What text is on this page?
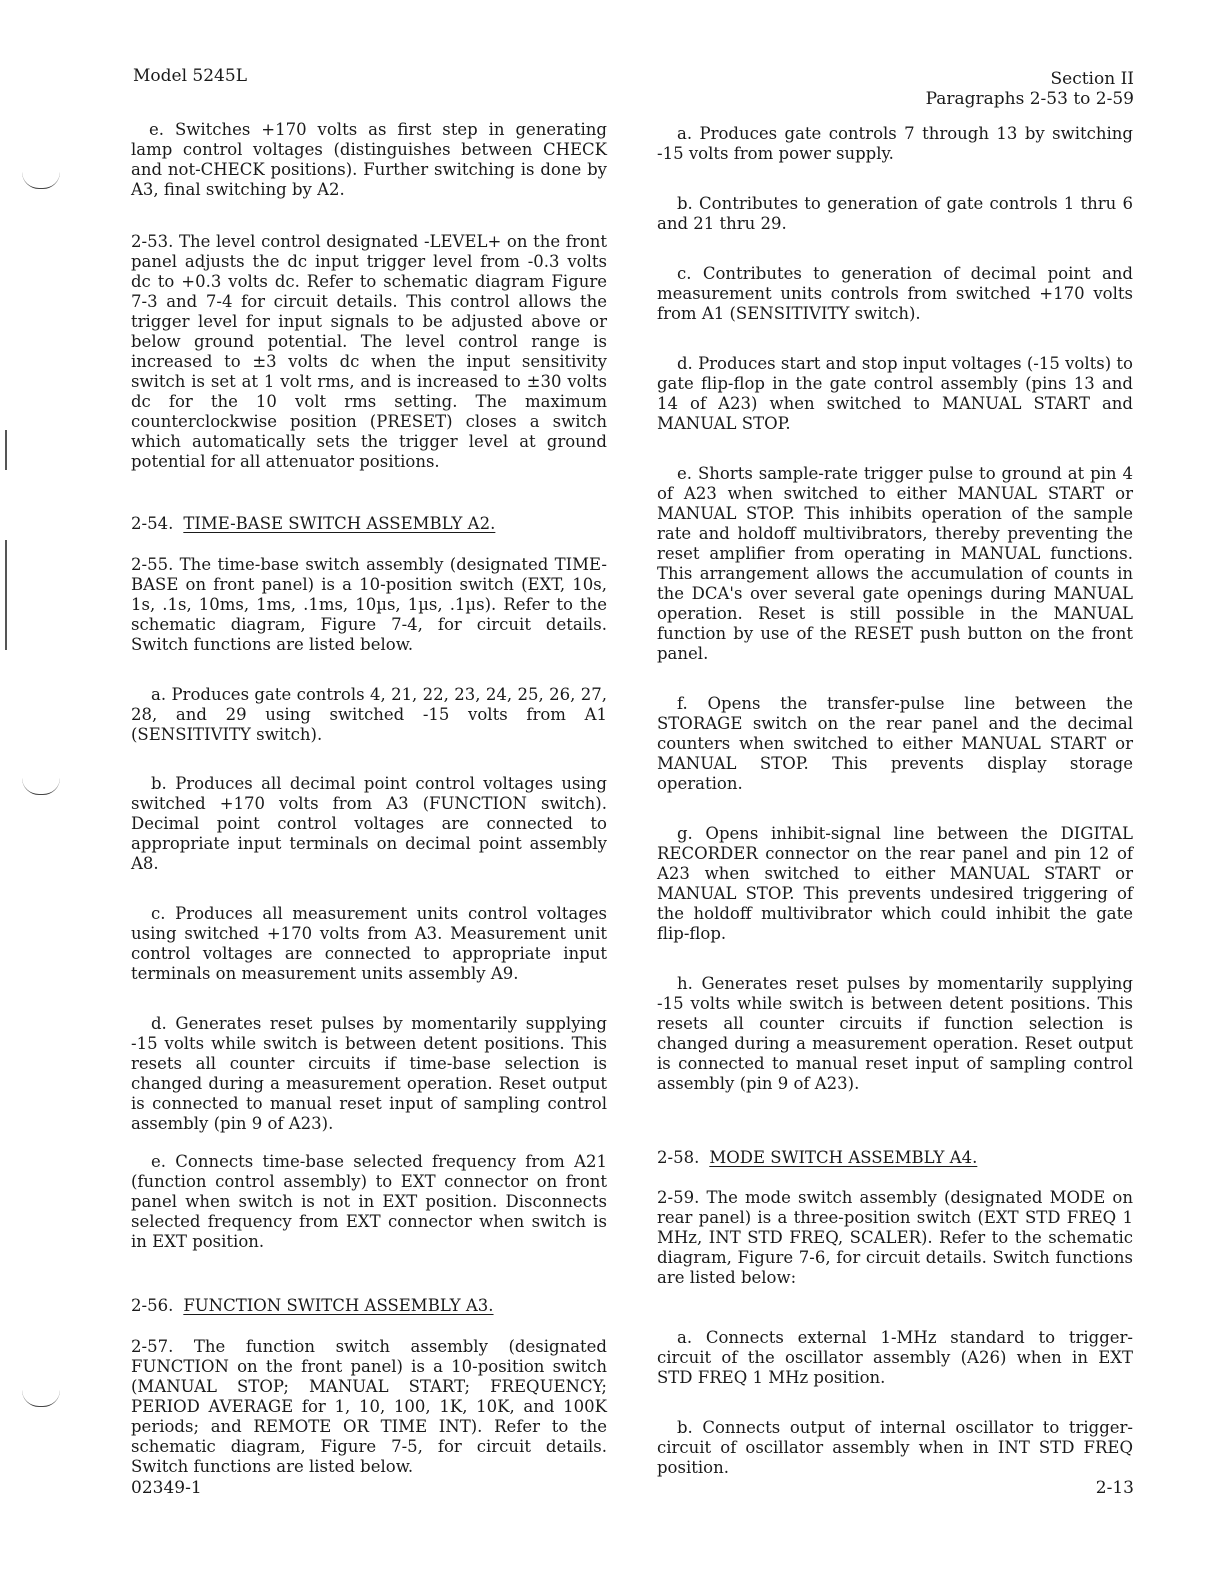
Model 5245L	Section II
Paragraphs 2-53 to 2-59

e. Switches +170 volts as first step in generating lamp control voltages (distinguishes between CHECK and not-CHECK positions). Further switching is done by A3, final switching by A2.

2-53. The level control designated -LEVEL+ on the front panel adjusts the dc input trigger level from -0.3 volts dc to +0.3 volts dc. Refer to schematic diagram Figure 7-3 and 7-4 for circuit details. This control allows the trigger level for input signals to be adjusted above or below ground potential. The level control range is increased to ±3 volts dc when the input sensitivity switch is set at 1 volt rms, and is increased to ±30 volts dc for the 10 volt rms setting. The maximum counterclockwise position (PRESET) closes a switch which automatically sets the trigger level at ground potential for all attenuator positions.

2-54. TIME-BASE SWITCH ASSEMBLY A2.

2-55. The time-base switch assembly (designated TIME-BASE on front panel) is a 10-position switch (EXT, 10s, 1s, .1s, 10ms, 1ms, .1ms, 10µs, 1µs, .1µs). Refer to the schematic diagram, Figure 7-4, for circuit details. Switch functions are listed below.

a. Produces gate controls 4, 21, 22, 23, 24, 25, 26, 27, 28, and 29 using switched -15 volts from A1 (SENSITIVITY switch).

b. Produces all decimal point control voltages using switched +170 volts from A3 (FUNCTION switch). Decimal point control voltages are connected to appropriate input terminals on decimal point assembly A8.

c. Produces all measurement units control voltages using switched +170 volts from A3. Measurement unit control voltages are connected to appropriate input terminals on measurement units assembly A9.

d. Generates reset pulses by momentarily supplying -15 volts while switch is between detent positions. This resets all counter circuits if time-base selection is changed during a measurement operation. Reset output is connected to manual reset input of sampling control assembly (pin 9 of A23).

e. Connects time-base selected frequency from A21 (function control assembly) to EXT connector on front panel when switch is not in EXT position. Disconnects selected frequency from EXT connector when switch is in EXT position.

2-56. FUNCTION SWITCH ASSEMBLY A3.

2-57. The function switch assembly (designated FUNCTION on the front panel) is a 10-position switch (MANUAL STOP; MANUAL START; FREQUENCY; PERIOD AVERAGE for 1, 10, 100, 1K, 10K, and 100K periods; and REMOTE OR TIME INT). Refer to the schematic diagram, Figure 7-5, for circuit details. Switch functions are listed below.

a. Produces gate controls 7 through 13 by switching -15 volts from power supply.

b. Contributes to generation of gate controls 1 thru 6 and 21 thru 29.

c. Contributes to generation of decimal point and measurement units controls from switched +170 volts from A1 (SENSITIVITY switch).

d. Produces start and stop input voltages (-15 volts) to gate flip-flop in the gate control assembly (pins 13 and 14 of A23) when switched to MANUAL START and MANUAL STOP.

e. Shorts sample-rate trigger pulse to ground at pin 4 of A23 when switched to either MANUAL START or MANUAL STOP. This inhibits operation of the sample rate and holdoff multivibrators, thereby preventing the reset amplifier from operating in MANUAL functions. This arrangement allows the accumulation of counts in the DCA's over several gate openings during MANUAL operation. Reset is still possible in the MANUAL function by use of the RESET push button on the front panel.

f. Opens the transfer-pulse line between the STORAGE switch on the rear panel and the decimal counters when switched to either MANUAL START or MANUAL STOP. This prevents display storage operation.

g. Opens inhibit-signal line between the DIGITAL RECORDER connector on the rear panel and pin 12 of A23 when switched to either MANUAL START or MANUAL STOP. This prevents undesired triggering of the holdoff multivibrator which could inhibit the gate flip-flop.

h. Generates reset pulses by momentarily supplying -15 volts while switch is between detent positions. This resets all counter circuits if function selection is changed during a measurement operation. Reset output is connected to manual reset input of sampling control assembly (pin 9 of A23).

2-58. MODE SWITCH ASSEMBLY A4.

2-59. The mode switch assembly (designated MODE on rear panel) is a three-position switch (EXT STD FREQ 1 MHz, INT STD FREQ, SCALER). Refer to the schematic diagram, Figure 7-6, for circuit details. Switch functions are listed below:

a. Connects external 1-MHz standard to trigger-circuit of the oscillator assembly (A26) when in EXT STD FREQ 1 MHz position.

b. Connects output of internal oscillator to trigger-circuit of oscillator assembly when in INT STD FREQ position.

02349-1	2-13
